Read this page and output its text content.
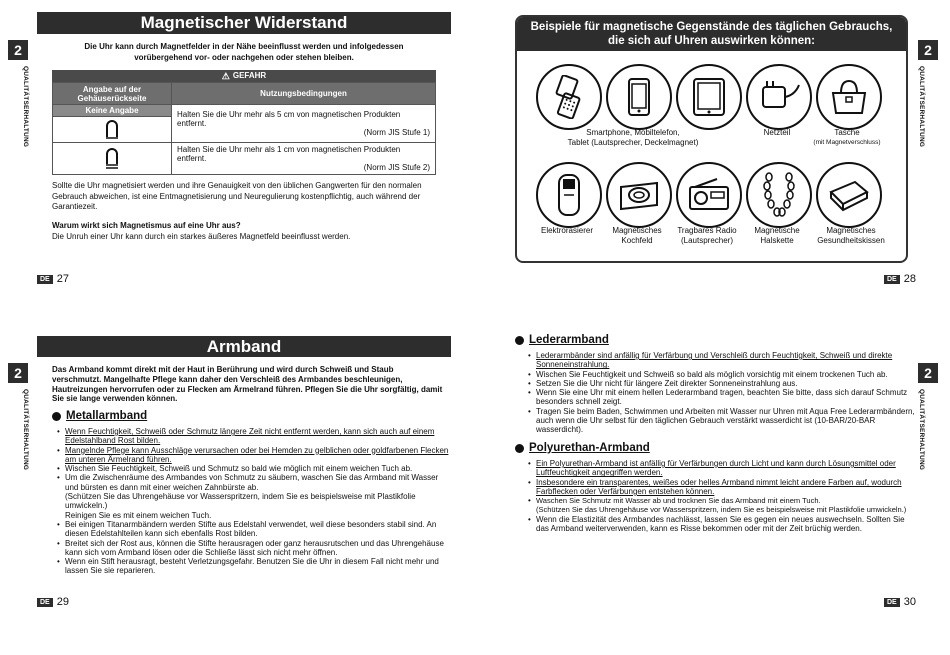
2
QUALITÄTSERHALTUNG
Magnetischer Widerstand
Die Uhr kann durch Magnetfelder in der Nähe beeinflusst werden und infolgedessen vorübergehend vor- oder nachgehen oder stehen bleiben.
⚠ GEFAHR
Angabe auf der Gehäuserückseite	Nutzungsbedingungen
Keine Angabe	Halten Sie die Uhr mehr als 5 cm von magnetischen Produkten entfernt.
(Norm JIS Stufe 1)

Halten Sie die Uhr mehr als 1 cm von magnetischen Produkten entfernt.
(Norm JIS Stufe 2)
Sollte die Uhr magnetisiert werden und ihre Genauigkeit von den üblichen Gangwerten für den normalen Gebrauch abweichen, ist eine Entmagnetisierung und Neuregulierung kostenpflichtig, auch während der Garantiezeit.
Warum wirkt sich Magnetismus auf eine Uhr aus?
Die Unruh einer Uhr kann durch ein starkes äußeres Magnetfeld beeinflusst werden.
DE 27
Beispiele für magnetische Gegenstände des täglichen Gebrauchs,
die sich auf Uhren auswirken können:
Smartphone, Mobiltelefon,
Tablet (Lautsprecher, Deckelmagnet)
Netzteil	Tasche
(mit Magnetverschluss)
Elektrorasierer	Magnetisches
Kochfeld
Tragbares Radio
(Lautsprecher)
Magnetische
Halskette
Magnetisches
Gesundheitskissen
2
QUALITÄTSERHALTUNG
DE 28
2
QUALITÄTSERHALTUNG
Armband
Das Armband kommt direkt mit der Haut in Berührung und wird durch Schweiß und Staub verschmutzt. Mangelhafte Pflege kann daher den Verschleiß des Armbandes beschleunigen, Hautreizungen hervorrufen oder zu Flecken am Ärmelrand führen. Pflegen Sie die Uhr sorgfältig, damit Sie sie lange verwenden können.
Metallarmband
• Wenn Feuchtigkeit, Schweiß oder Schmutz längere Zeit nicht entfernt werden, kann sich auch auf einem Edelstahlband Rost bilden.
• Mangelnde Pflege kann Ausschläge verursachen oder bei Hemden zu gelblichen oder goldfarbenen Flecken am unteren Ärmelrand führen.
• Wischen Sie Feuchtigkeit, Schweiß und Schmutz so bald wie möglich mit einem weichen Tuch ab.
• Um die Zwischenräume des Armbandes von Schmutz zu säubern, waschen Sie das Armband mit Wasser und bürsten es dann mit einer weichen Zahnbürste ab.
(Schützen Sie das Uhrengehäuse vor Wasserspritzern, indem Sie es beispielsweise mit Plastikfolie umwickeln.)
Reinigen Sie es mit einem weichen Tuch.
• Bei einigen Titanarmbändern werden Stifte aus Edelstahl verwendet, weil diese besonders stabil sind. An diesen Edelstahlteilen kann sich ebenfalls Rost bilden.
• Breitet sich der Rost aus, können die Stifte herausragen oder ganz herausrutschen und das Uhrengehäuse kann sich vom Armband lösen oder die Schließe lässt sich nicht mehr öffnen.
• Wenn ein Stift herausragt, besteht Verletzungsgefahr. Benutzen Sie die Uhr in diesem Fall nicht mehr und lassen Sie sie reparieren.
DE 29
Lederarmband
• Lederarmbänder sind anfällig für Verfärbung und Verschleiß durch Feuchtigkeit, Schweiß und direkte Sonneneinstrahlung.
• Wischen Sie Feuchtigkeit und Schweiß so bald als möglich vorsichtig mit einem trockenen Tuch ab.
• Setzen Sie die Uhr nicht für längere Zeit direkter Sonneneinstrahlung aus.
• Wenn Sie eine Uhr mit einem hellen Lederarmband tragen, beachten Sie bitte, dass sich darauf Schmutz besonders schnell zeigt.
• Tragen Sie beim Baden, Schwimmen und Arbeiten mit Wasser nur Uhren mit Aqua Free Lederarmbändern, auch wenn die Uhr selbst für den täglichen Gebrauch verstärkt wasserdicht ist (10-BAR/20-BAR wasserdicht).
Polyurethan-Armband
• Ein Polyurethan-Armband ist anfällig für Verfärbungen durch Licht und kann durch Lösungsmittel oder Luftfeuchtigkeit angegriffen werden.
• Insbesondere ein transparentes, weißes oder helles Armband nimmt leicht andere Farben auf, wodurch Farbflecken oder Verfärbungen entstehen können.
• Waschen Sie Schmutz mit Wasser ab und trocknen Sie das Armband mit einem Tuch.
(Schützen Sie das Uhrengehäuse vor Wasserspritzern, indem Sie es beispielsweise mit Plastikfolie umwickeln.)
• Wenn die Elastizität des Armbandes nachlässt, lassen Sie es gegen ein neues auswechseln. Sollten Sie das Armband weiterverwenden, kann es Risse bekommen oder mit der Zeit brüchig werden.
2
QUALITÄTSERHALTUNG
DE 30
